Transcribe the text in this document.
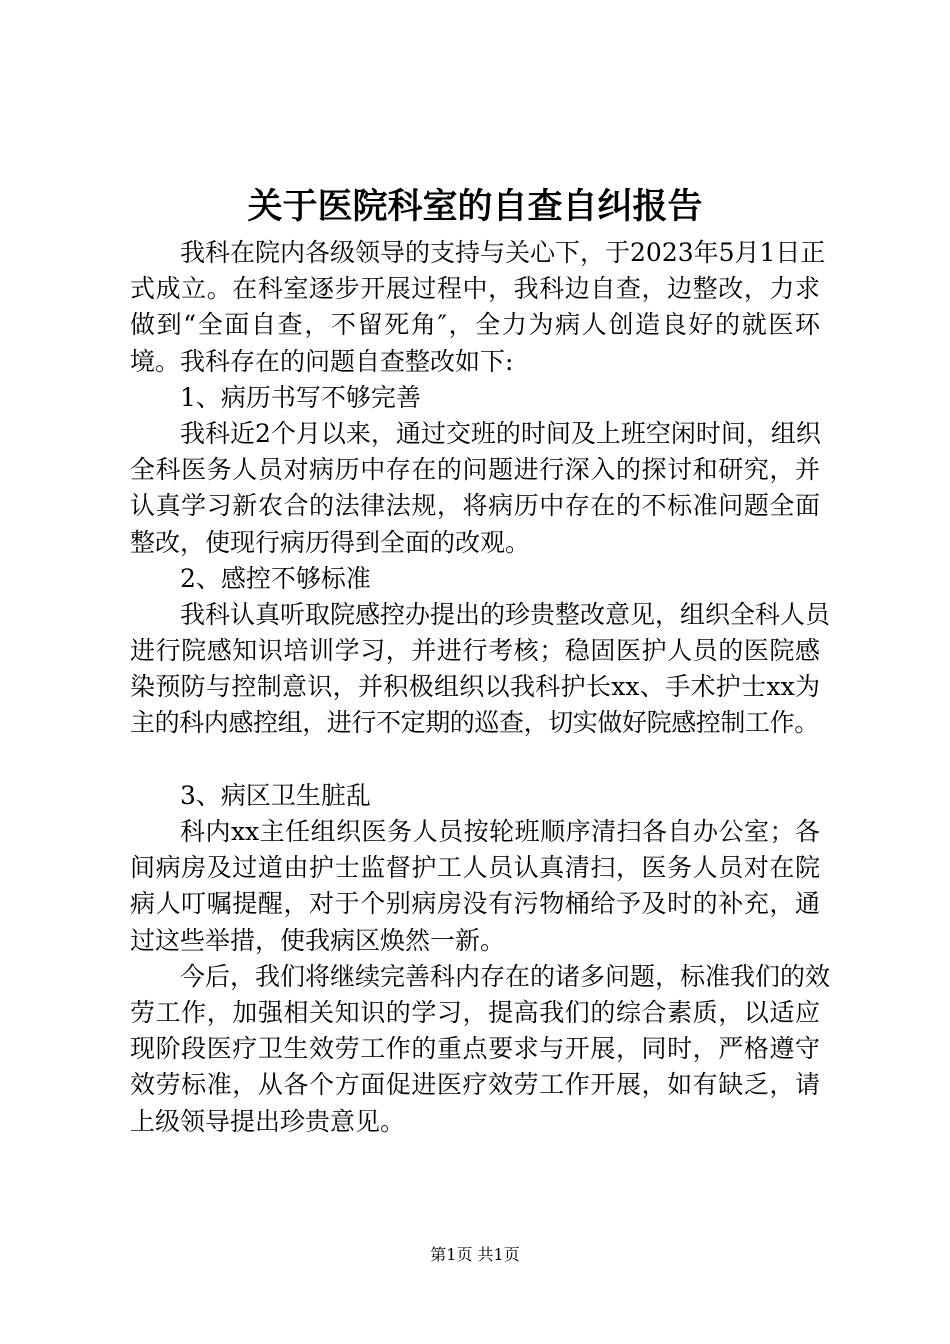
关于医院科室的自查自纠报告
我科在院内各级领导的支持与关心下，于2023年5月1日正
式成立。在科室逐步开展过程中，我科边自查，边整改，力求
做到“全面自查，不留死角″，全力为病人创造良好的就医环
境。我科存在的问题自查整改如下:
1、病历书写不够完善
我科近2个月以来，通过交班的时间及上班空闲时间，组织
全科医务人员对病历中存在的问题进行深入的探讨和研究，并
认真学习新农合的法律法规，将病历中存在的不标准问题全面
整改，使现行病历得到全面的改观。
2、感控不够标准
我科认真听取院感控办提出的珍贵整改意见，组织全科人员
进行院感知识培训学习，并进行考核；稳固医护人员的医院感
染预防与控制意识，并积极组织以我科护长xx、手术护士xx为
主的科内感控组，进行不定期的巡查，切实做好院感控制工作。
3、病区卫生脏乱
科内xx主任组织医务人员按轮班顺序清扫各自办公室；各
间病房及过道由护士监督护工人员认真清扫，医务人员对在院
病人叮嘱提醒，对于个别病房没有污物桶给予及时的补充，通
过这些举措，使我病区焕然一新。
今后，我们将继续完善科内存在的诸多问题，标准我们的效
劳工作，加强相关知识的学习，提高我们的综合素质，以适应
现阶段医疗卫生效劳工作的重点要求与开展，同时，严格遵守
效劳标准，从各个方面促进医疗效劳工作开展，如有缺乏，请
上级领导提出珍贵意见。
第1页 共1页
